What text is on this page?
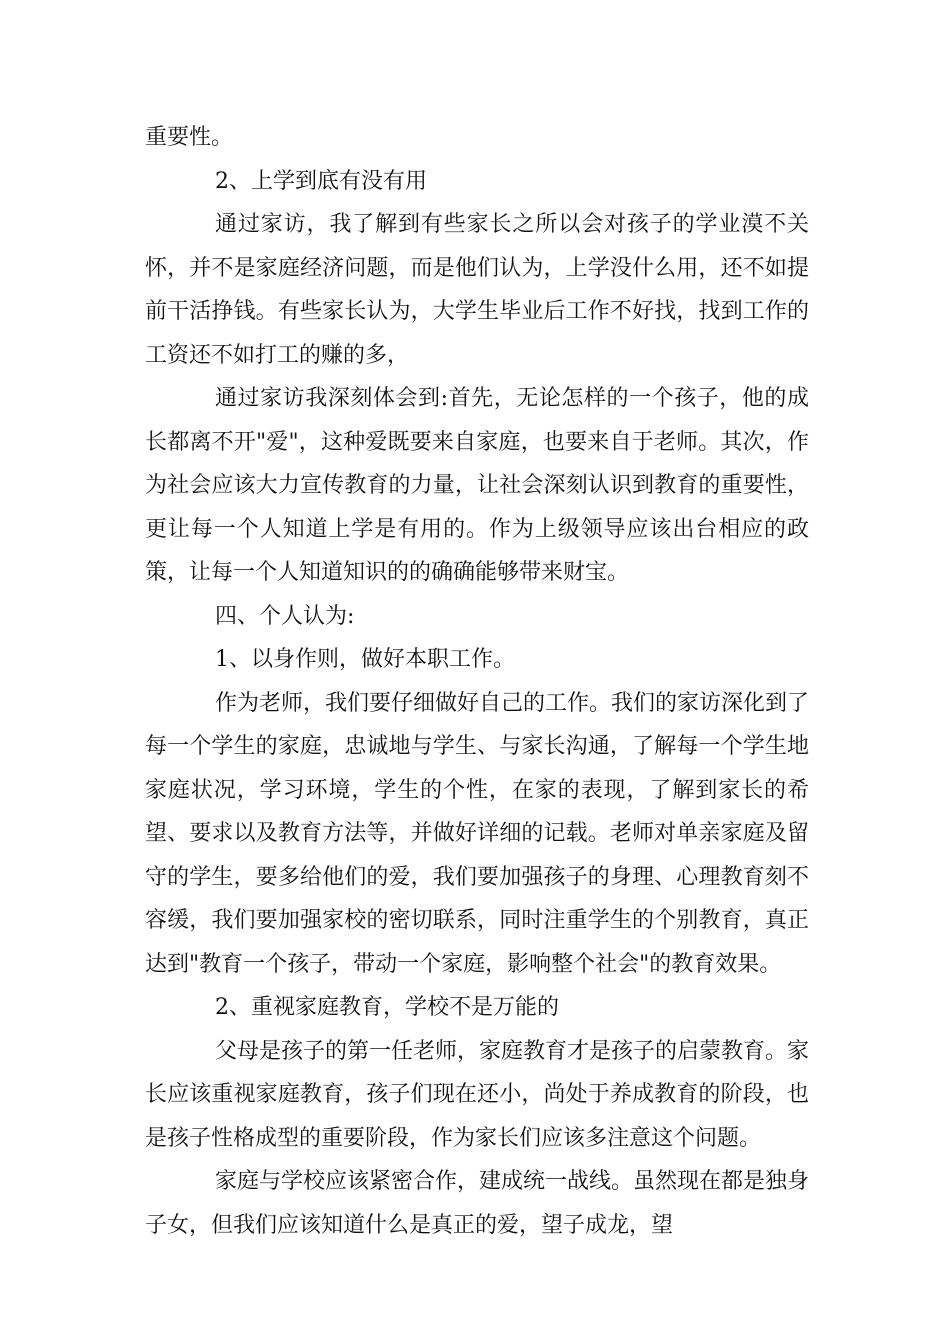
重要性。

2、上学到底有没有用

通过家访，我了解到有些家长之所以会对孩子的学业漠不关怀，并不是家庭经济问题，而是他们认为，上学没什么用，还不如提前干活挣钱。有些家长认为，大学生毕业后工作不好找，找到工作的工资还不如打工的赚的多，

通过家访我深刻体会到:首先，无论怎样的一个孩子，他的成长都离不开"爱"，这种爱既要来自家庭，也要来自于老师。其次，作为社会应该大力宣传教育的力量，让社会深刻认识到教育的重要性，更让每一个人知道上学是有用的。作为上级领导应该出台相应的政策，让每一个人知道知识的的确确能够带来财宝。

四、个人认为:

1、以身作则，做好本职工作。

作为老师，我们要仔细做好自己的工作。我们的家访深化到了每一个学生的家庭，忠诚地与学生、与家长沟通，了解每一个学生地家庭状况，学习环境，学生的个性，在家的表现，了解到家长的希望、要求以及教育方法等，并做好详细的记载。老师对单亲家庭及留守的学生，要多给他们的爱，我们要加强孩子的身理、心理教育刻不容缓，我们要加强家校的密切联系，同时注重学生的个别教育，真正达到"教育一个孩子，带动一个家庭，影响整个社会"的教育效果。

2、重视家庭教育，学校不是万能的

父母是孩子的第一任老师，家庭教育才是孩子的启蒙教育。家长应该重视家庭教育，孩子们现在还小，尚处于养成教育的阶段，也是孩子性格成型的重要阶段，作为家长们应该多注意这个问题。

家庭与学校应该紧密合作，建成统一战线。虽然现在都是独身子女，但我们应该知道什么是真正的爱，望子成龙，望
